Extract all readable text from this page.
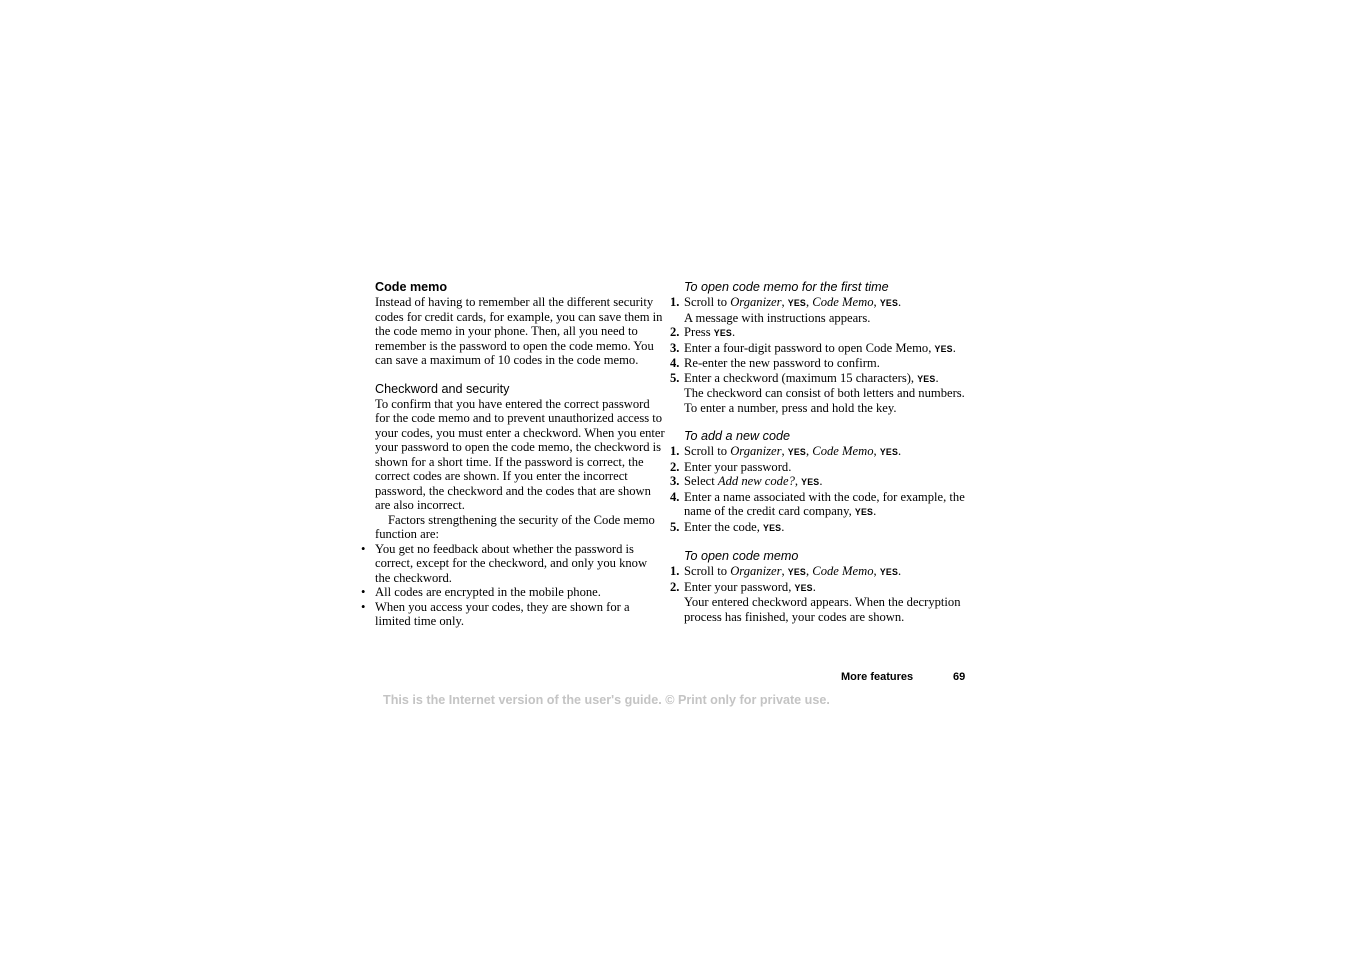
Code memo

Instead of having to remember all the different security codes for credit cards, for example, you can save them in the code memo in your phone. Then, all you need to remember is the password to open the code memo. You can save a maximum of 10 codes in the code memo.

Checkword and security

To confirm that you have entered the correct password for the code memo and to prevent unauthorized access to your codes, you must enter a checkword. When you enter your password to open the code memo, the checkword is shown for a short time. If the password is correct, the correct codes are shown. If you enter the incorrect password, the checkword and the codes that are shown are also incorrect.

Factors strengthening the security of the Code memo function are:

• You get no feedback about whether the password is correct, except for the checkword, and only you know the checkword.
• All codes are encrypted in the mobile phone.
• When you access your codes, they are shown for a limited time only.
To open code memo for the first time
1. Scroll to Organizer, YES, Code Memo, YES.
A message with instructions appears.
2. Press YES.
3. Enter a four-digit password to open Code Memo, YES.
4. Re-enter the new password to confirm.
5. Enter a checkword (maximum 15 characters), YES.
The checkword can consist of both letters and numbers. To enter a number, press and hold the key.
To add a new code
1. Scroll to Organizer, YES, Code Memo, YES.
2. Enter your password.
3. Select Add new code?, YES.
4. Enter a name associated with the code, for example, the name of the credit card company, YES.
5. Enter the code, YES.
To open code memo
1. Scroll to Organizer, YES, Code Memo, YES.
2. Enter your password, YES.
Your entered checkword appears. When the decryption process has finished, your codes are shown.
More features	69
This is the Internet version of the user's guide. © Print only for private use.
